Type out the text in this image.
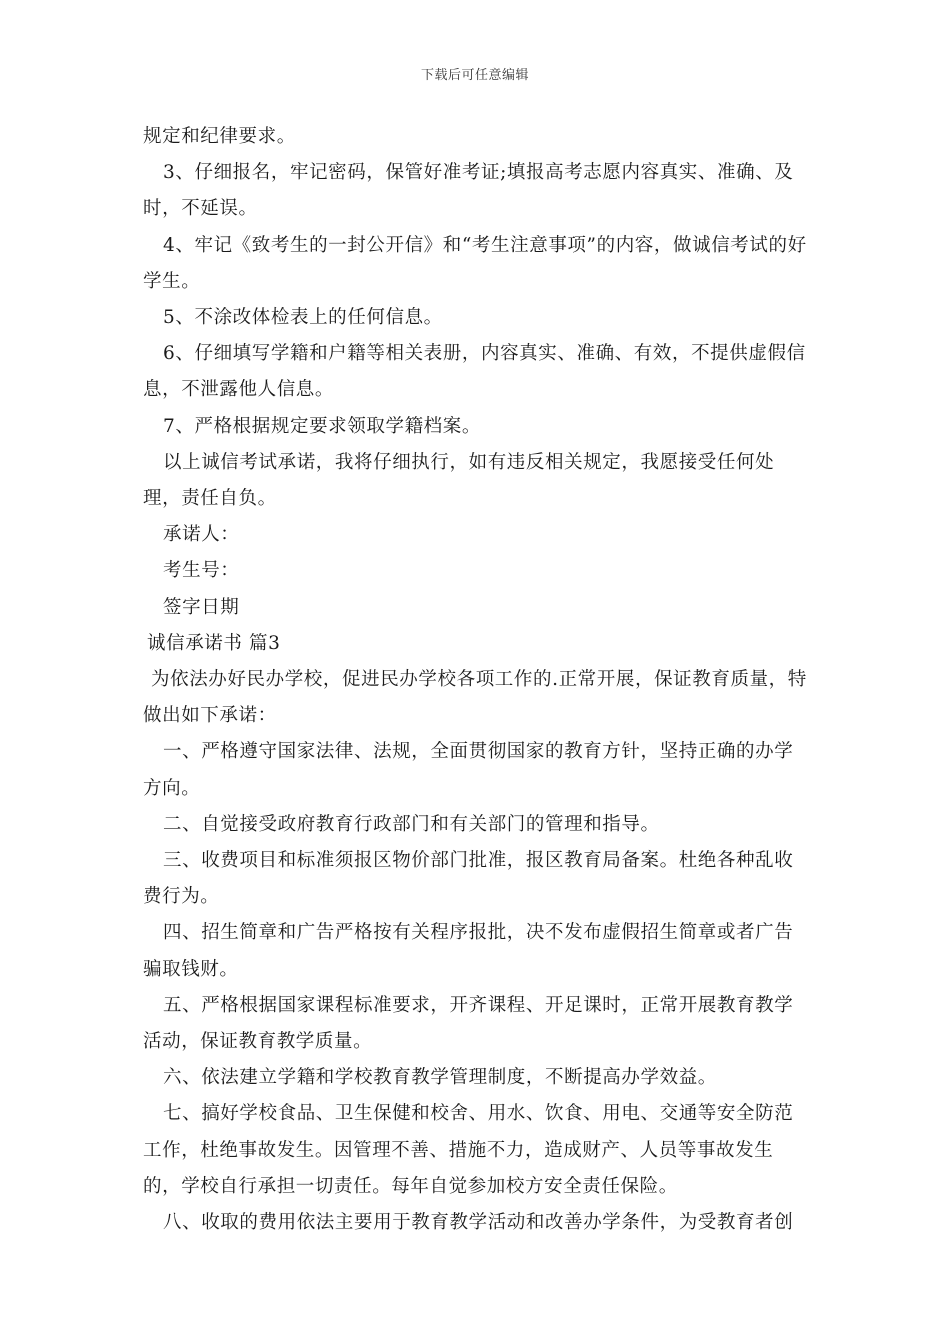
下载后可任意编辑

规定和纪律要求。

3、仔细报名，牢记密码，保管好准考证;填报高考志愿内容真实、准确、及时，不延误。

4、牢记《致考生的一封公开信》和“考生注意事项”的内容，做诚信考试的好学生。

5、不涂改体检表上的任何信息。

6、仔细填写学籍和户籍等相关表册，内容真实、准确、有效，不提供虚假信息，不泄露他人信息。

7、严格根据规定要求领取学籍档案。

以上诚信考试承诺，我将仔细执行，如有违反相关规定，我愿接受任何处理，责任自负。

承诺人：

考生号：

签字日期

诚信承诺书 篇3

为依法办好民办学校，促进民办学校各项工作的.正常开展，保证教育质量，特做出如下承诺：

一、严格遵守国家法律、法规，全面贯彻国家的教育方针，坚持正确的办学方向。

二、自觉接受政府教育行政部门和有关部门的管理和指导。

三、收费项目和标准须报区物价部门批准，报区教育局备案。杜绝各种乱收费行为。

四、招生简章和广告严格按有关程序报批，决不发布虚假招生简章或者广告骗取钱财。

五、严格根据国家课程标准要求，开齐课程、开足课时，正常开展教育教学活动，保证教育教学质量。

六、依法建立学籍和学校教育教学管理制度，不断提高办学效益。

七、搞好学校食品、卫生保健和校舍、用水、饮食、用电、交通等安全防范工作，杜绝事故发生。因管理不善、措施不力，造成财产、人员等事故发生的，学校自行承担一切责任。每年自觉参加校方安全责任保险。

八、收取的费用依法主要用于教育教学活动和改善办学条件，为受教育者创
